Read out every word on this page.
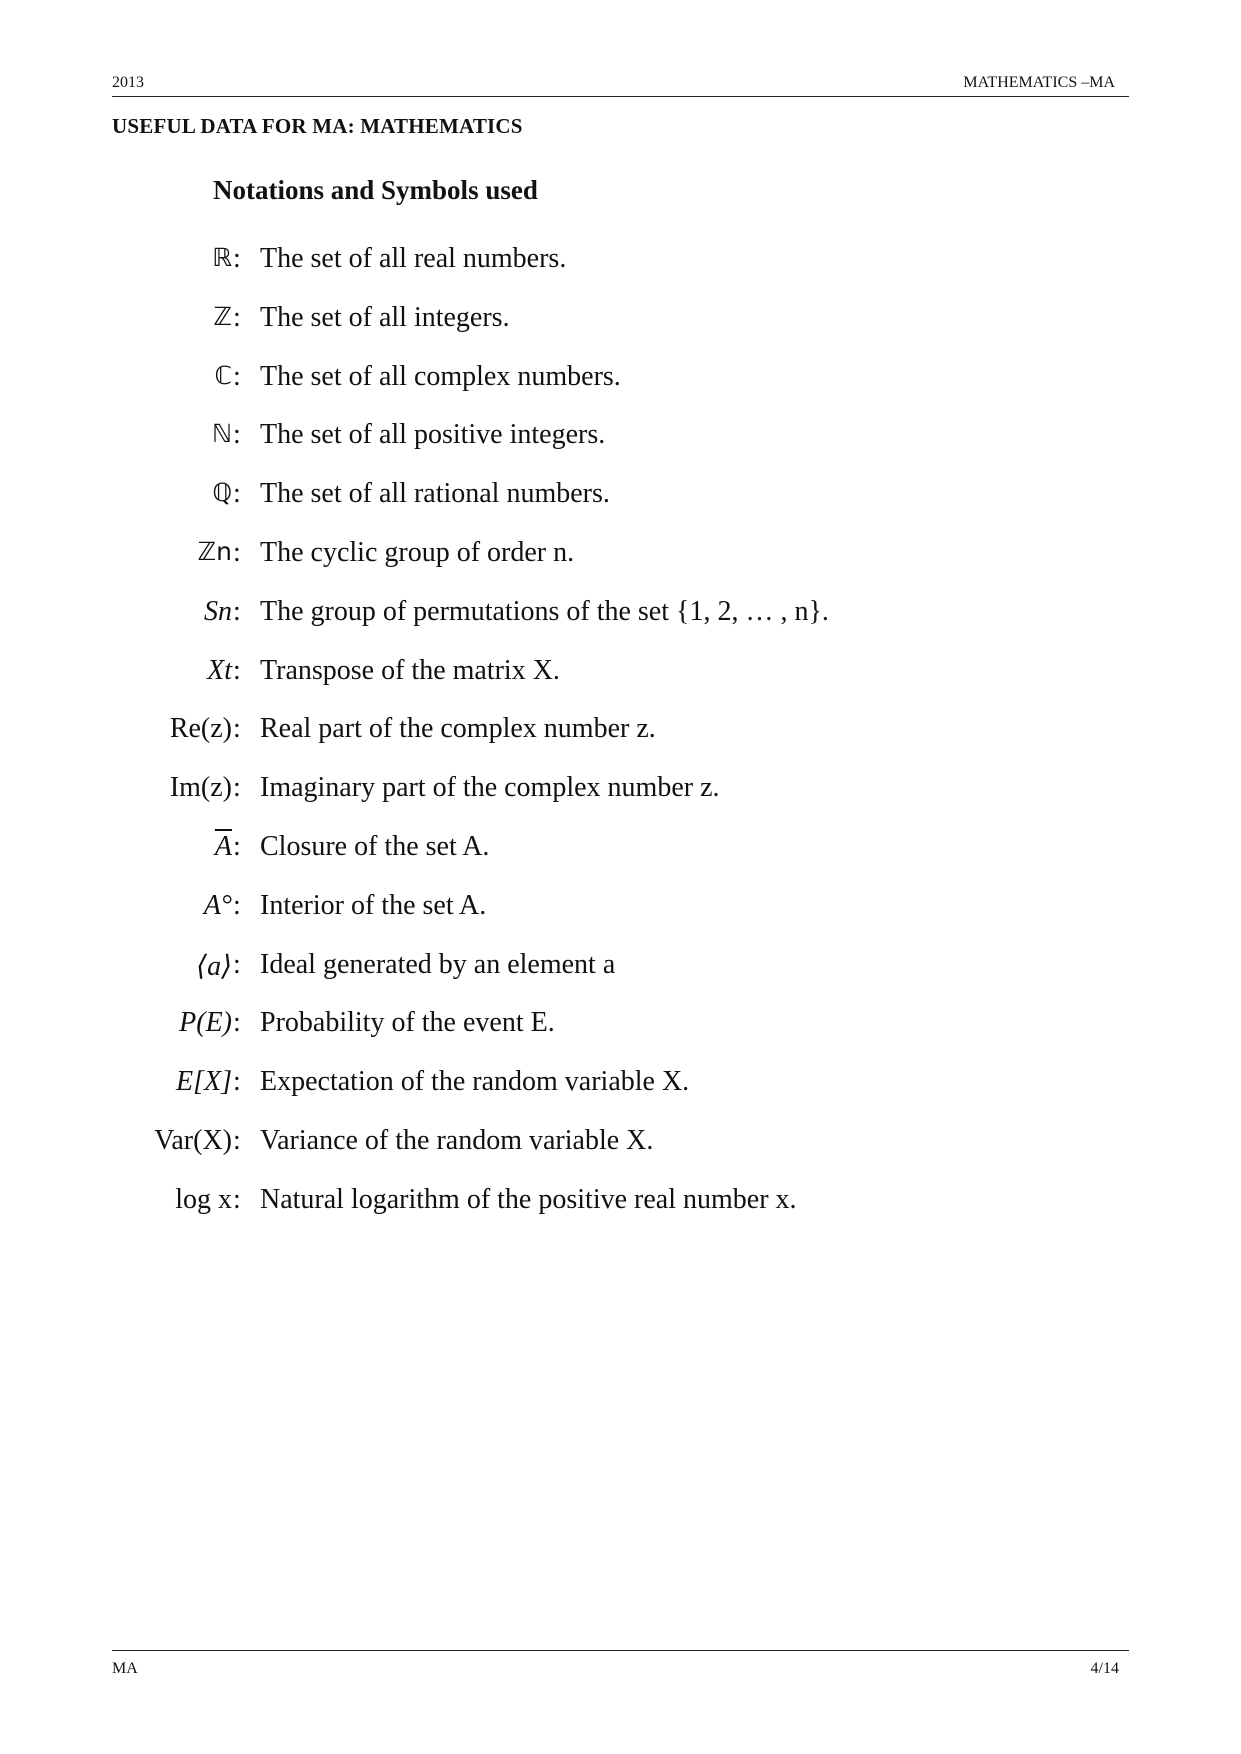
2013	MATHEMATICS –MA
USEFUL DATA FOR MA: MATHEMATICS
Notations and Symbols used
ℝ : The set of all real numbers.
ℤ : The set of all integers.
ℂ : The set of all complex numbers.
ℕ : The set of all positive integers.
ℚ : The set of all rational numbers.
ℤn : The cyclic group of order n.
Sn : The group of permutations of the set {1, 2, … , n}.
Xt : Transpose of the matrix X.
Re(z) : Real part of the complex number z.
Im(z) : Imaginary part of the complex number z.
$\overline{A}$ : Closure of the set A.
A° : Interior of the set A.
⟨a⟩ : Ideal generated by an element a
P(E) : Probability of the event E.
E[X] : Expectation of the random variable X.
Var(X) : Variance of the random variable X.
log x : Natural logarithm of the positive real number x.
MA	4/14
